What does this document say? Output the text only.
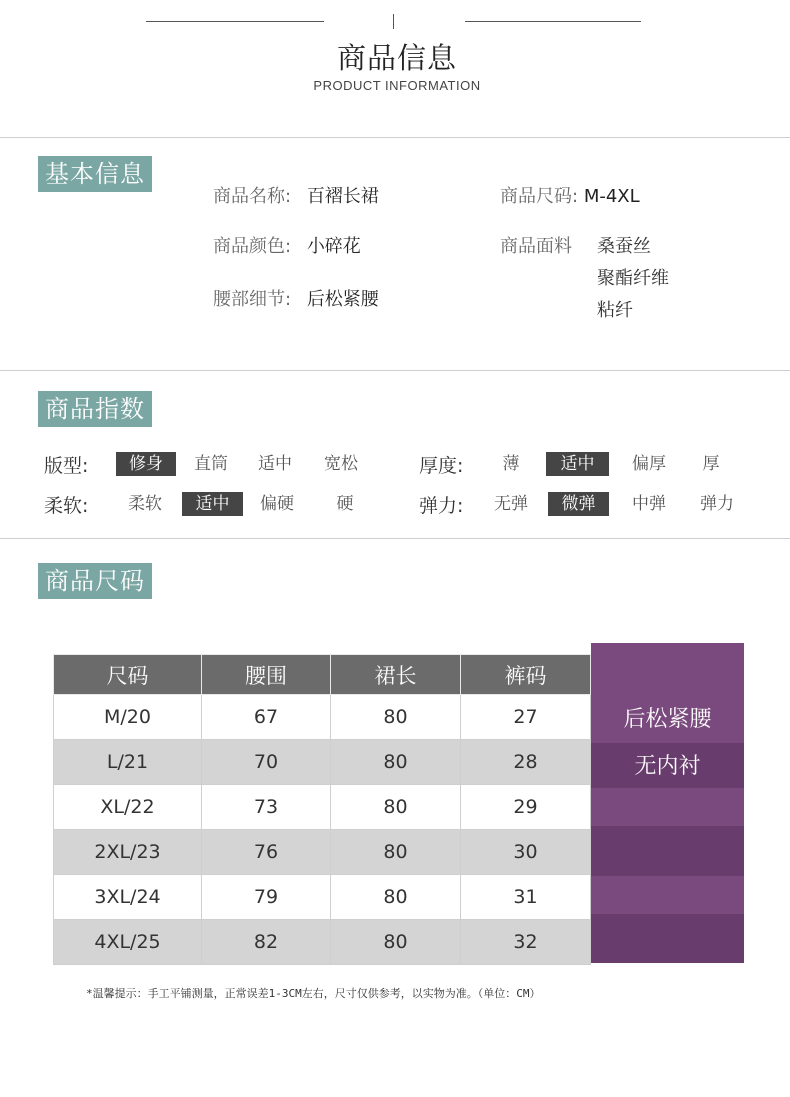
商品信息
PRODUCT INFORMATION
基本信息
商品名称: 百褶长裙	商品尺码: M-4XL
商品颜色: 小碎花	商品面料 桑蚕丝
聚酯纤维
粘纤
腰部细节: 后松紧腰
商品指数
版型:	修身	直筒	适中	宽松	厚度:	薄	适中	偏厚	厚
柔软:	柔软	适中	偏硬	硬	弹力:	无弹	微弹	中弹	弹力
商品尺码
尺码	腰围	裙长	裤码
M/20	67	80	27
L/21	70	80	28
XL/22	73	80	29
2XL/23	76	80	30
3XL/24	79	80	31
4XL/25	82	80	32
后松紧腰
无内衬
*温馨提示：手工平铺测量，正常误差1-3CM左右，尺寸仅供参考，以实物为准。（单位：CM）
